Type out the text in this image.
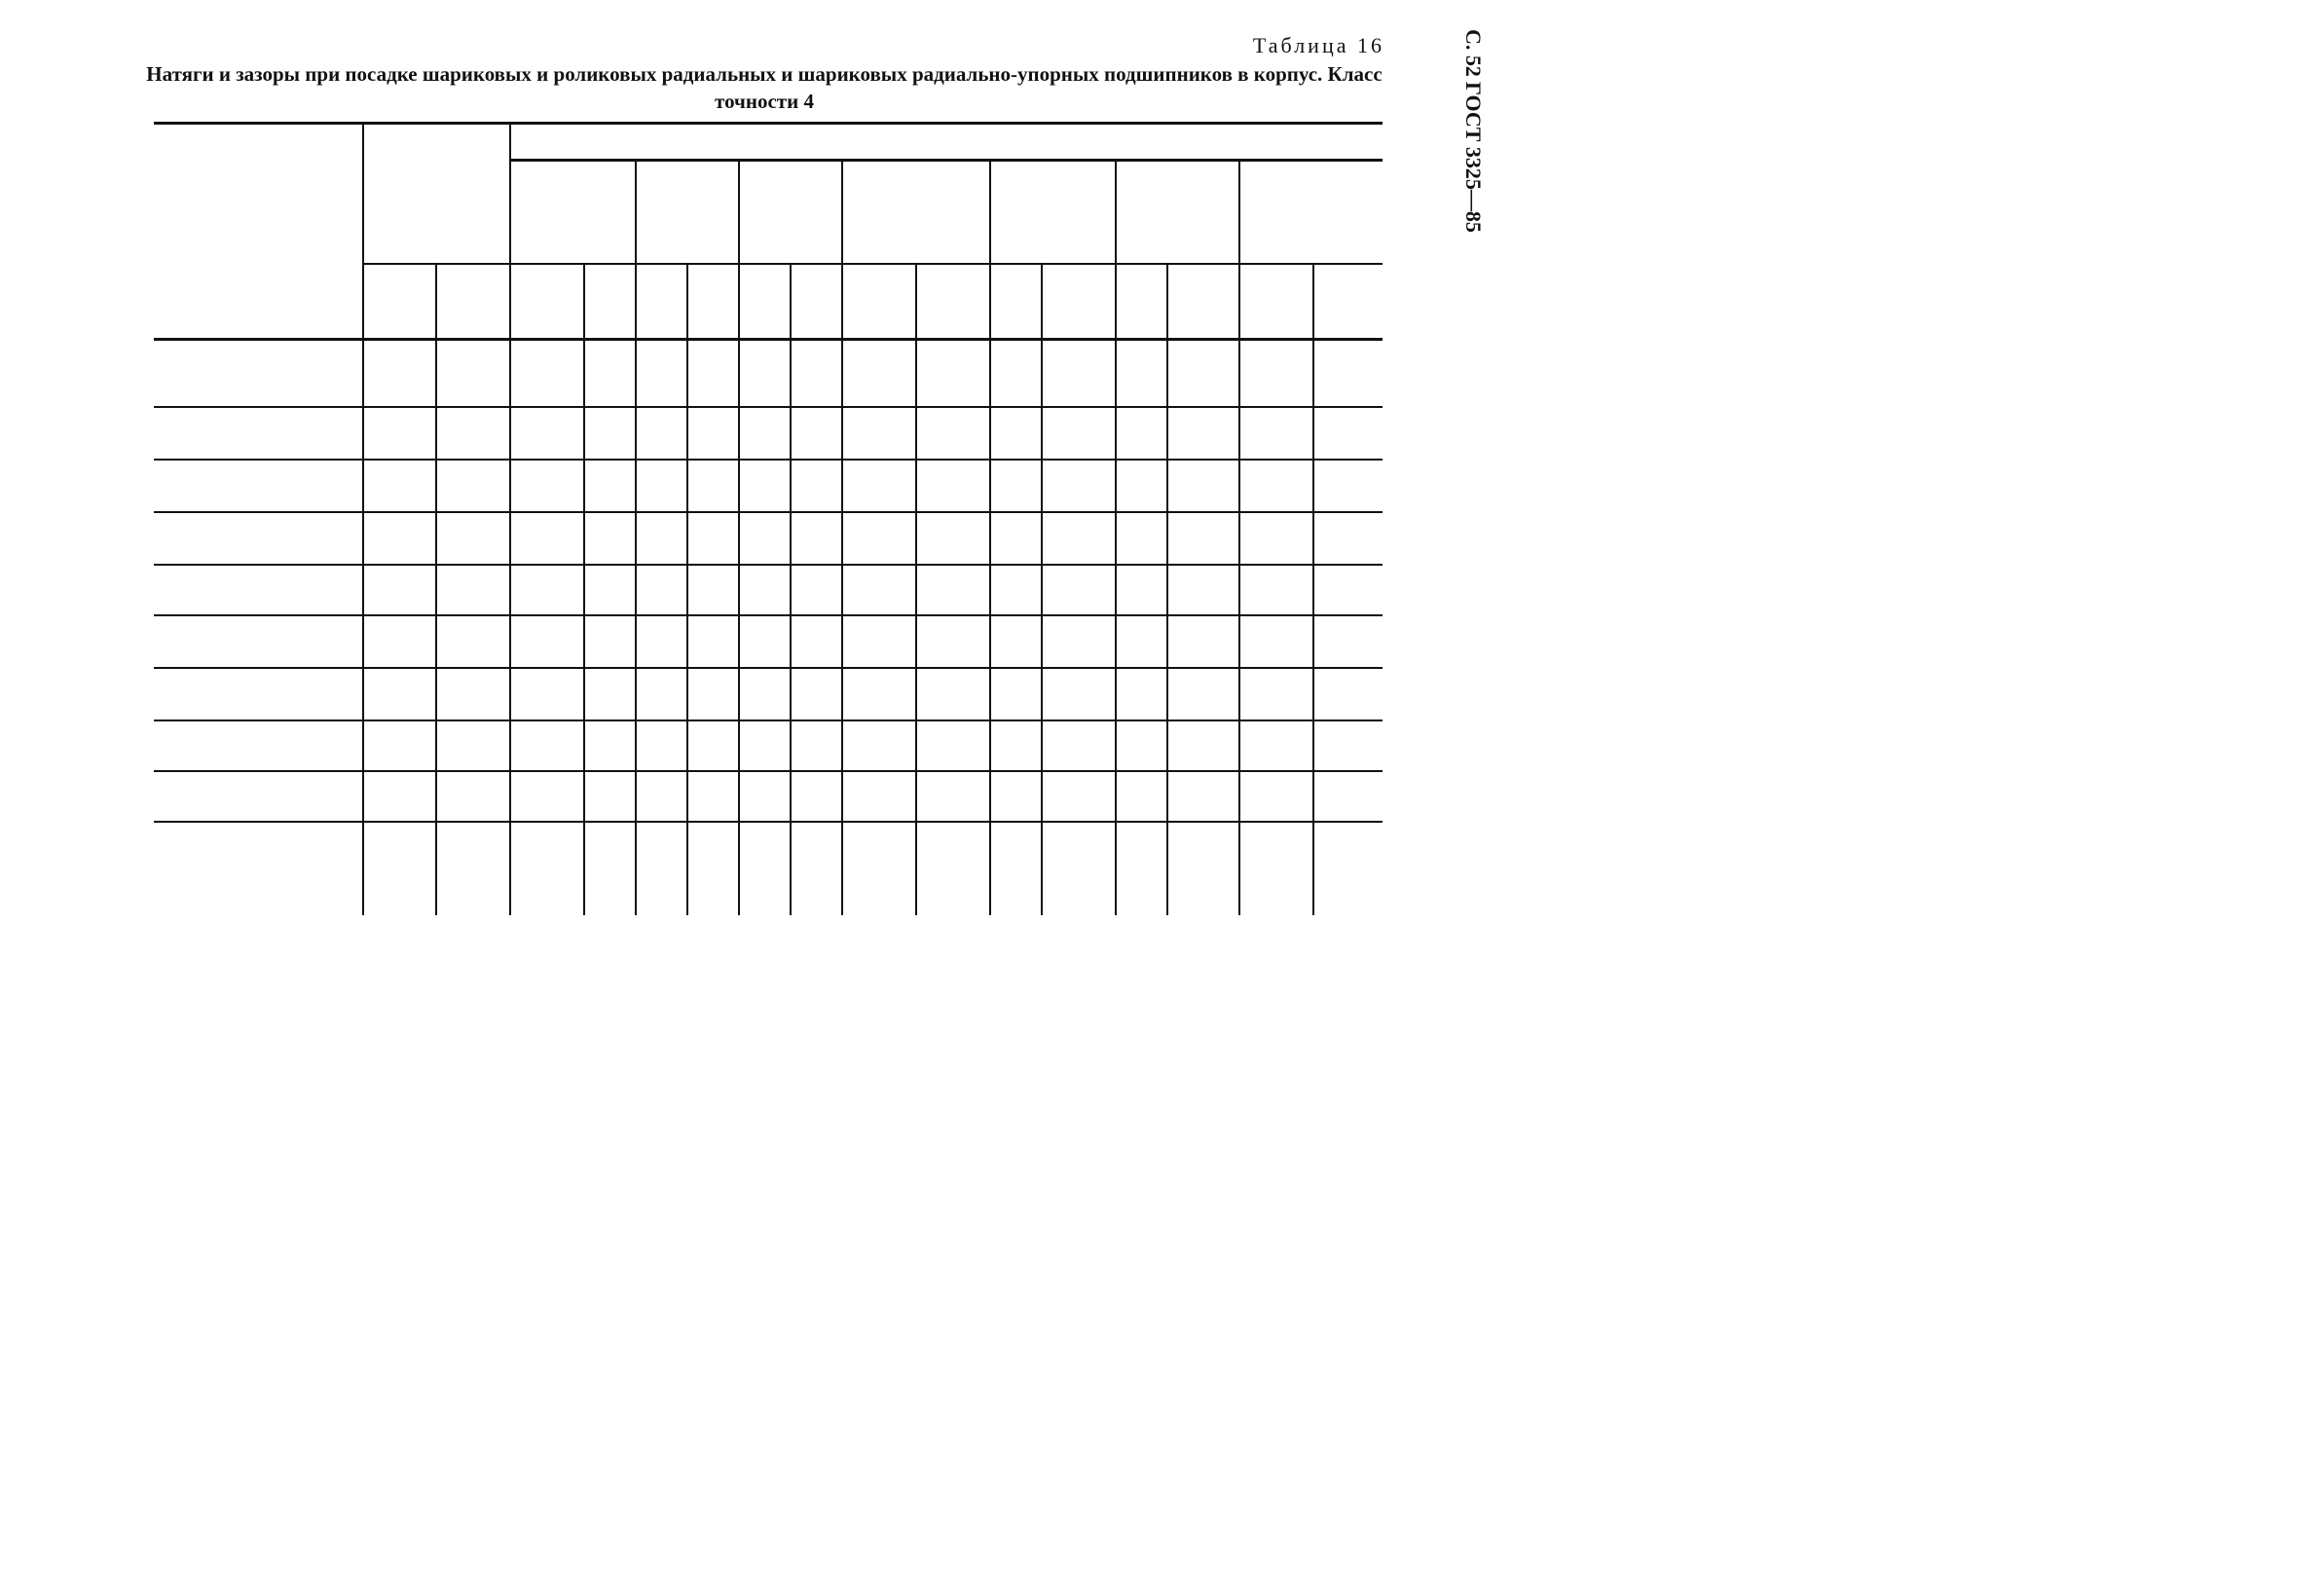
Таблица 16
Натяги и зазоры при посадке шариковых и роликовых радиальных и шариковых радиально-упорных подшипников в корпус. Класс точности 4
С. 52 ГОСТ 3325—85
